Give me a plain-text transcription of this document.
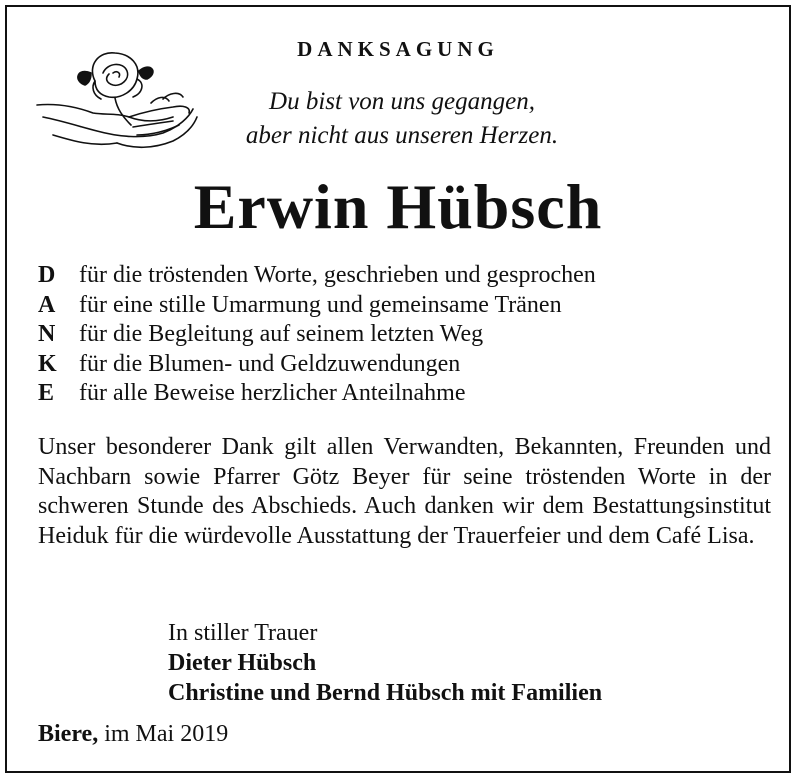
DANKSAGUNG
Du bist von uns gegangen,
aber nicht aus unseren Herzen.
Erwin Hübsch
D für die tröstenden Worte, geschrieben und gesprochen
A für eine stille Umarmung und gemeinsame Tränen
N für die Begleitung auf seinem letzten Weg
K für die Blumen- und Geldzuwendungen
E	für alle Beweise herzlicher Anteilnahme
Unser besonderer Dank gilt allen Verwandten, Bekannten, Freunden und Nachbarn sowie Pfarrer Götz Beyer für seine tröstenden Worte in der schweren Stunde des Abschieds. Auch danken wir dem Bestattungsinstitut Heiduk für die würdevolle Ausstattung der Trauerfeier und dem Café Lisa.
In stiller Trauer
Dieter Hübsch
Christine und Bernd Hübsch mit Familien
Biere, im Mai 2019
